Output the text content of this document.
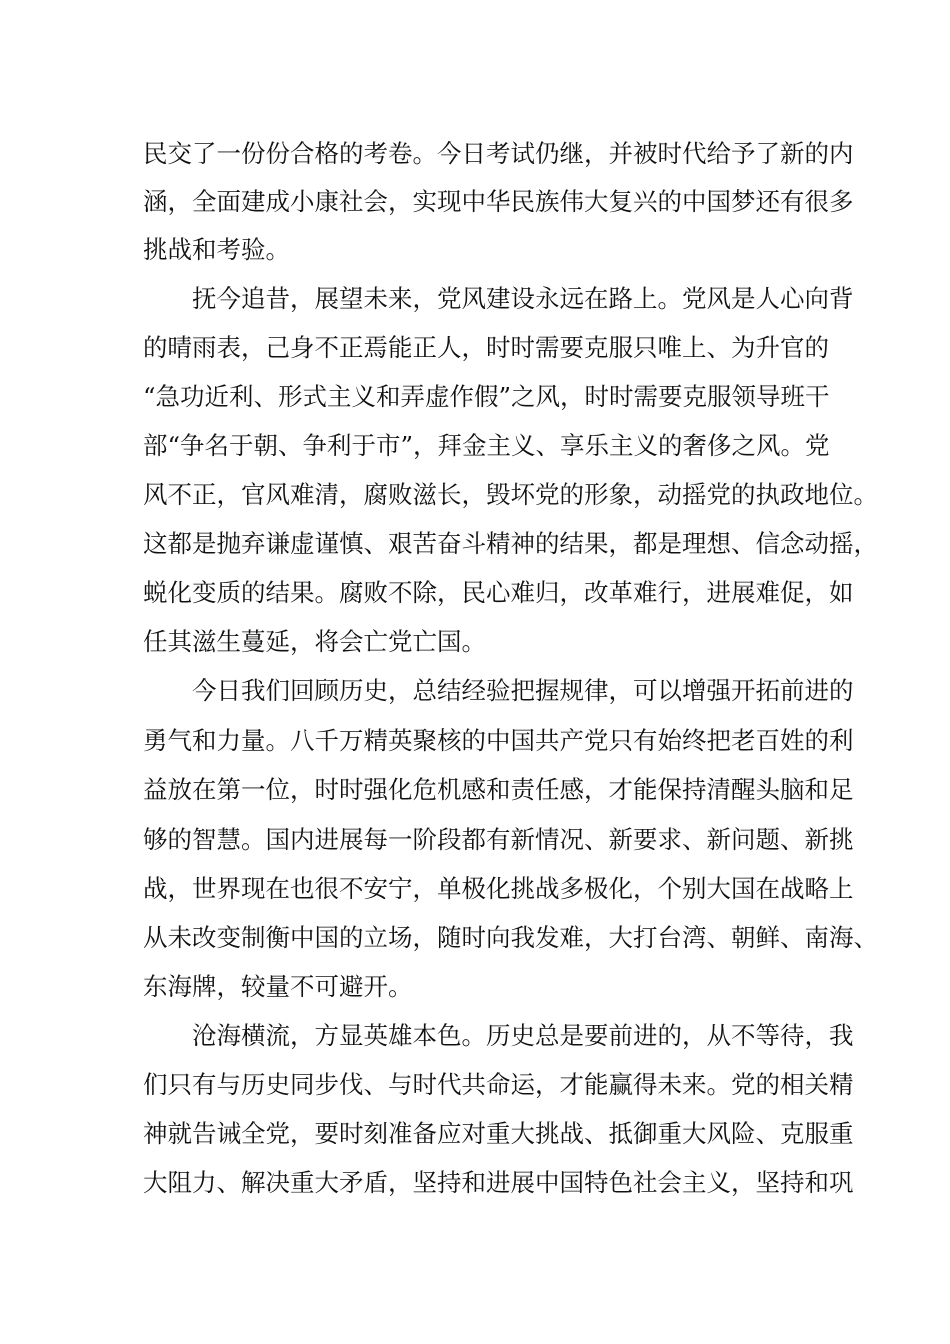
民交了一份份合格的考卷。今日考试仍继，并被时代给予了新的内
涵，全面建成小康社会，实现中华民族伟大复兴的中国梦还有很多
挑战和考验。
抚今追昔，展望未来，党风建设永远在路上。党风是人心向背
的晴雨表，己身不正焉能正人，时时需要克服只唯上、为升官的
“急功近利、形式主义和弄虚作假”之风，时时需要克服领导班干
部“争名于朝、争利于市”，拜金主义、享乐主义的奢侈之风。党
风不正，官风难清，腐败滋长，毁坏党的形象，动摇党的执政地位。
这都是抛弃谦虚谨慎、艰苦奋斗精神的结果，都是理想、信念动摇，
蜕化变质的结果。腐败不除，民心难归，改革难行，进展难促，如
任其滋生蔓延，将会亡党亡国。
今日我们回顾历史，总结经验把握规律，可以增强开拓前进的
勇气和力量。八千万精英聚核的中国共产党只有始终把老百姓的利
益放在第一位，时时强化危机感和责任感，才能保持清醒头脑和足
够的智慧。国内进展每一阶段都有新情况、新要求、新问题、新挑
战，世界现在也很不安宁，单极化挑战多极化，个别大国在战略上
从未改变制衡中国的立场，随时向我发难，大打台湾、朝鲜、南海、
东海牌，较量不可避开。
沧海横流，方显英雄本色。历史总是要前进的，从不等待，我
们只有与历史同步伐、与时代共命运，才能赢得未来。党的相关精
神就告诫全党，要时刻准备应对重大挑战、抵御重大风险、克服重
大阻力、解决重大矛盾，坚持和进展中国特色社会主义，坚持和巩
